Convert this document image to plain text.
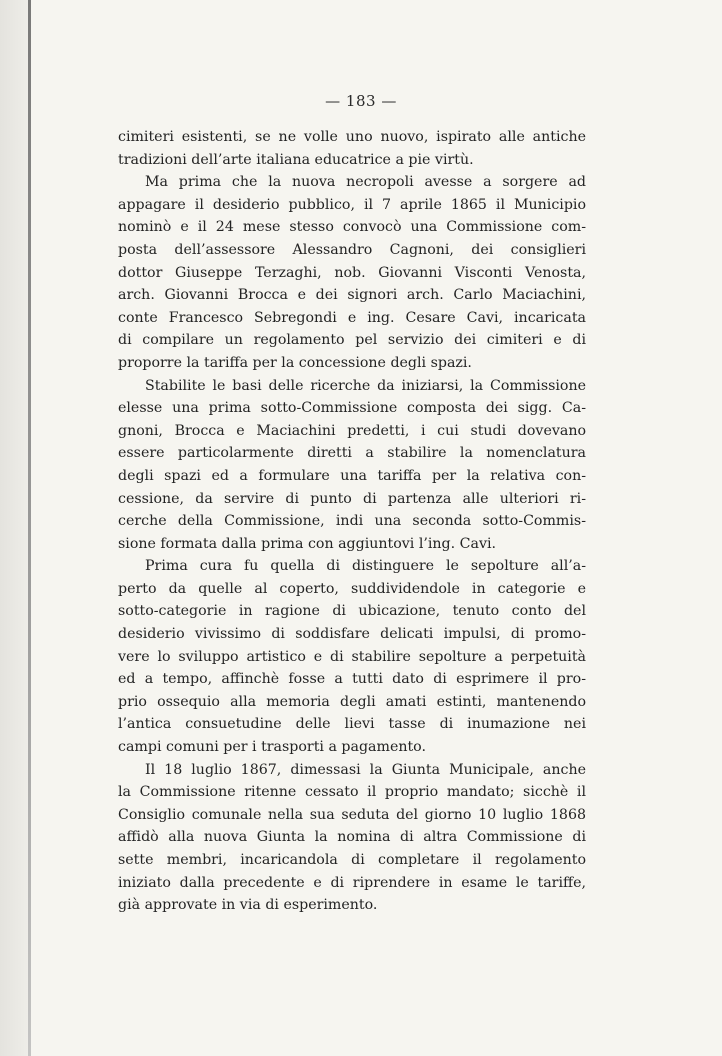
— 183 —
cimiteri esistenti, se ne volle uno nuovo, ispirato alle antiche
tradizioni dell’arte italiana educatrice a pie virtù.
Ma prima che la nuova necropoli avesse a sorgere ad
appagare il desiderio pubblico, il 7 aprile 1865 il Municipio
nominò e il 24 mese stesso convocò una Commissione com-
posta dell’assessore Alessandro Cagnoni, dei consiglieri
dottor Giuseppe Terzaghi, nob. Giovanni Visconti Venosta,
arch. Giovanni Brocca e dei signori arch. Carlo Maciachini,
conte Francesco Sebregondi e ing. Cesare Cavi, incaricata
di compilare un regolamento pel servizio dei cimiteri e di
proporre la tariffa per la concessione degli spazi.
Stabilite le basi delle ricerche da iniziarsi, la Commissione
elesse una prima sotto-Commissione composta dei sigg. Ca-
gnoni, Brocca e Maciachini predetti, i cui studi dovevano
essere particolarmente diretti a stabilire la nomenclatura
degli spazi ed a formulare una tariffa per la relativa con-
cessione, da servire di punto di partenza alle ulteriori ri-
cerche della Commissione, indi una seconda sotto-Commis-
sione formata dalla prima con aggiuntovi l’ing. Cavi.
Prima cura fu quella di distinguere le sepolture all’a-
perto da quelle al coperto, suddividendole in categorie e
sotto-categorie in ragione di ubicazione, tenuto conto del
desiderio vivissimo di soddisfare delicati impulsi, di promo-
vere lo sviluppo artistico e di stabilire sepolture a perpetuità
ed a tempo, affinchè fosse a tutti dato di esprimere il pro-
prio ossequio alla memoria degli amati estinti, mantenendo
l’antica consuetudine delle lievi tasse di inumazione nei
campi comuni per i trasporti a pagamento.
Il 18 luglio 1867, dimessasi la Giunta Municipale, anche
la Commissione ritenne cessato il proprio mandato; sicchè il
Consiglio comunale nella sua seduta del giorno 10 luglio 1868
affidò alla nuova Giunta la nomina di altra Commissione di
sette membri, incaricandola di completare il regolamento
iniziato dalla precedente e di riprendere in esame le tariffe,
già approvate in via di esperimento.
